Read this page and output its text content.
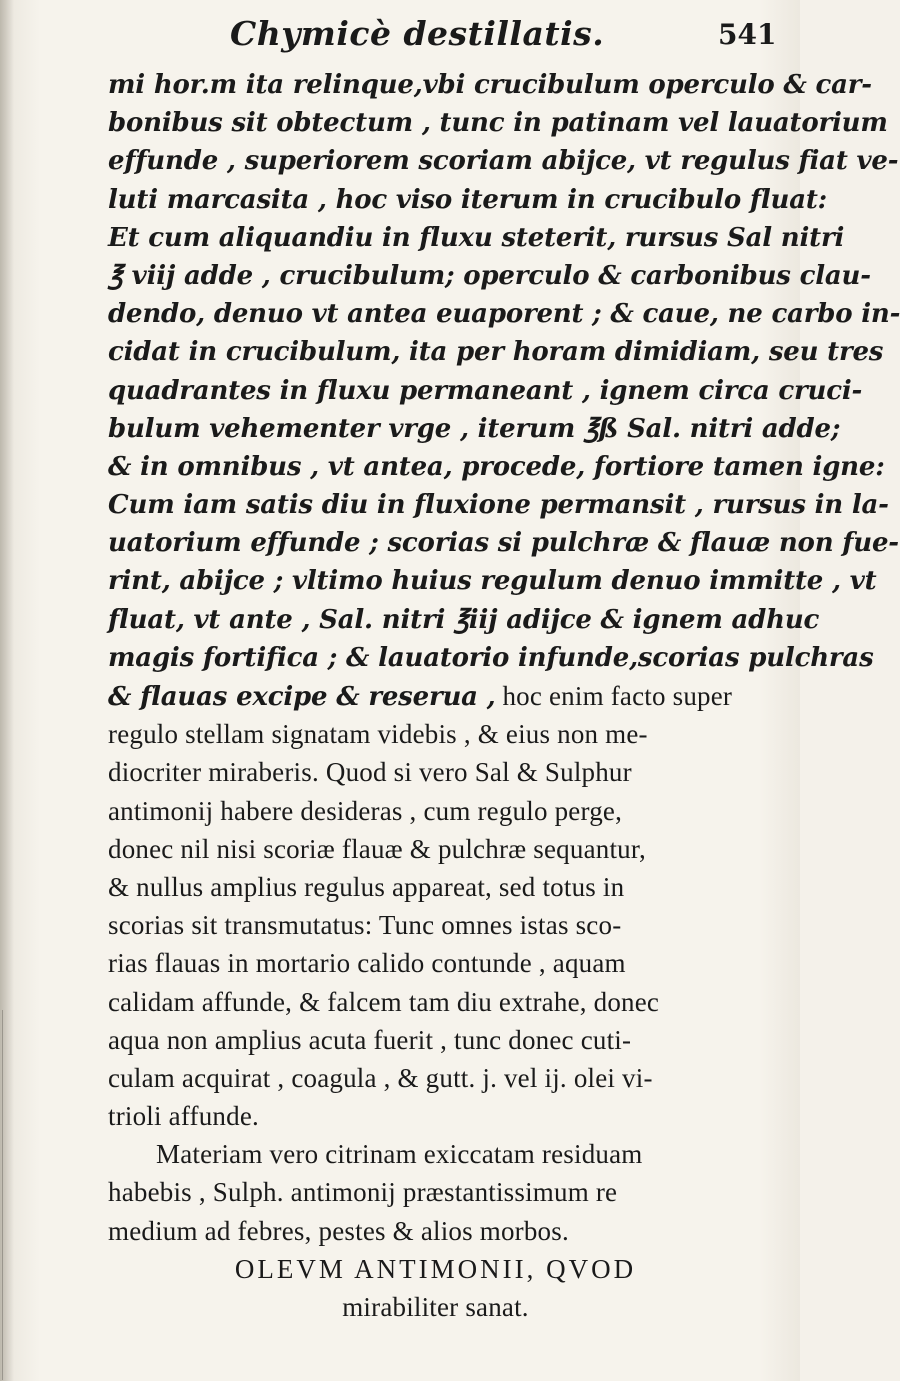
Chymicè destillatis.	541
mi hor.m ita relinque,vbi crucibulum operculo & car-
bonibus sit obtectum , tunc in patinam vel lauatorium
effunde , superiorem scoriam abijce, vt regulus fiat ve-
luti marcasita , hoc viso iterum in crucibulo fluat:
Et cum aliquandiu in fluxu steterit, rursus Sal nitri
℥ viij adde , crucibulum; operculo & carbonibus clau-
dendo, denuo vt antea euaporent ; & caue, ne carbo in-
cidat in crucibulum, ita per horam dimidiam, seu tres
quadrantes in fluxu permaneant , ignem circa cruci-
bulum vehementer vrge , iterum ℥ß Sal. nitri adde;
& in omnibus , vt antea, procede, fortiore tamen igne:
Cum iam satis diu in fluxione permansit , rursus in la-
uatorium effunde ; scorias si pulchræ & flauæ non fue-
rint, abijce ; vltimo huius regulum denuo immitte , vt
fluat, vt ante , Sal. nitri ℥iij adijce & ignem adhuc
magis fortifica ; & lauatorio infunde,scorias pulchras
& flauas excipe & reserua , hoc enim facto super
regulo stellam signatam videbis , & eius non me-
diocriter miraberis. Quod si vero Sal & Sulphur
antimonij habere desideras , cum regulo perge,
donec nil nisi scoriæ flauæ & pulchræ sequantur,
& nullus amplius regulus appareat, sed totus in
scorias sit transmutatus: Tunc omnes istas sco-
rias flauas in mortario calido contunde , aquam
calidam affunde, & falcem tam diu extrahe, donec
aqua non amplius acuta fuerit , tunc donec cuti-
culam acquirat , coagula , & gutt. j. vel ij. olei vi-
trioli affunde.
Materiam vero citrinam exiccatam residuam
habebis , Sulph. antimonij præstantissimum re
medium ad febres, pestes & alios morbos.
OLEVM ANTIMONII, QVOD
mirabiliter sanat.
